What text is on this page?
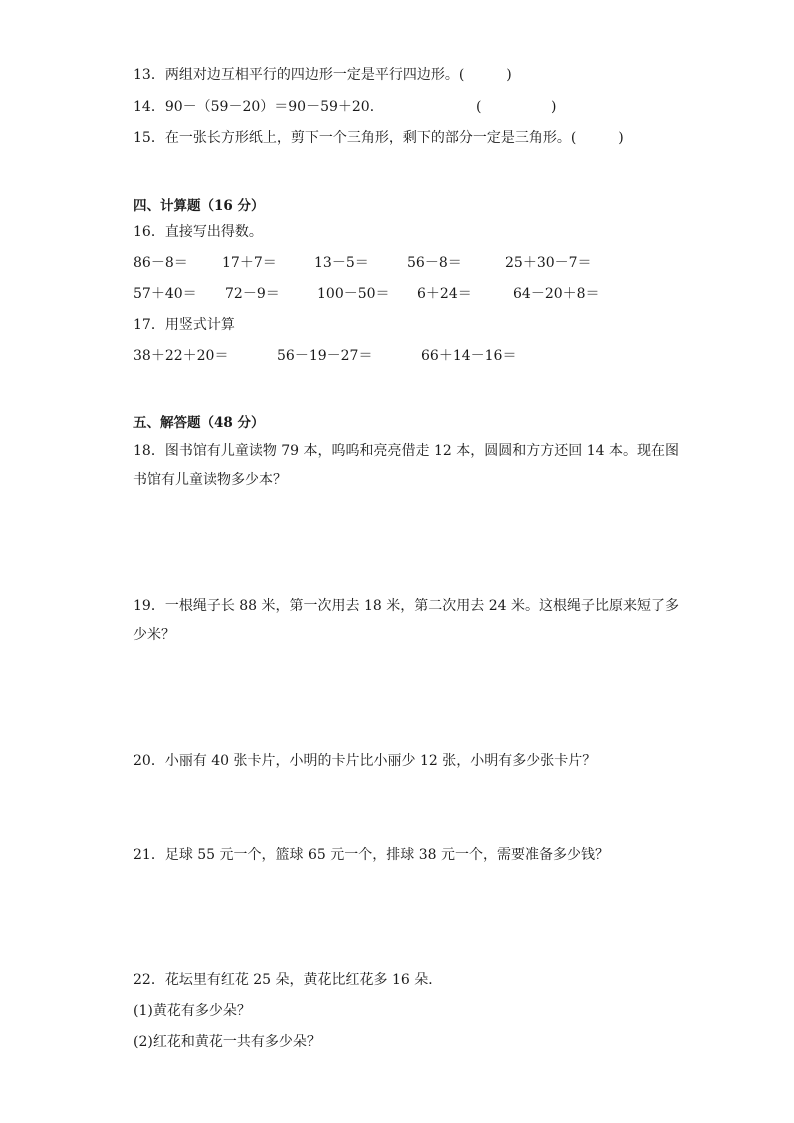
13．两组对边互相平行的四边形一定是平行四边形。(　　　)
14．90－（59－20）＝90－59＋20．	(	)
15．在一张长方形纸上，剪下一个三角形，剩下的部分一定是三角形。(　　　)
四、计算题（16 分）
16．直接写出得数。
86－8＝ 17＋7＝	13－5＝	56－8＝	25＋30－7＝
57＋40＝ 72－9＝	100－50＝ 6＋24＝	64－20＋8＝
17．用竖式计算
38＋22＋20＝	56－19－27＝	66＋14－16＝
五、解答题（48 分）
18．图书馆有儿童读物 79 本，呜呜和亮亮借走 12 本，圆圆和方方还回 14 本。现在图
书馆有儿童读物多少本？
19．一根绳子长 88 米，第一次用去 18 米，第二次用去 24 米。这根绳子比原来短了多
少米？
20．小丽有 40 张卡片，小明的卡片比小丽少 12 张，小明有多少张卡片？
21．足球 55 元一个，篮球 65 元一个，排球 38 元一个，需要准备多少钱？
22．花坛里有红花 25 朵，黄花比红花多 16 朵．
(1)黄花有多少朵？
(2)红花和黄花一共有多少朵？
